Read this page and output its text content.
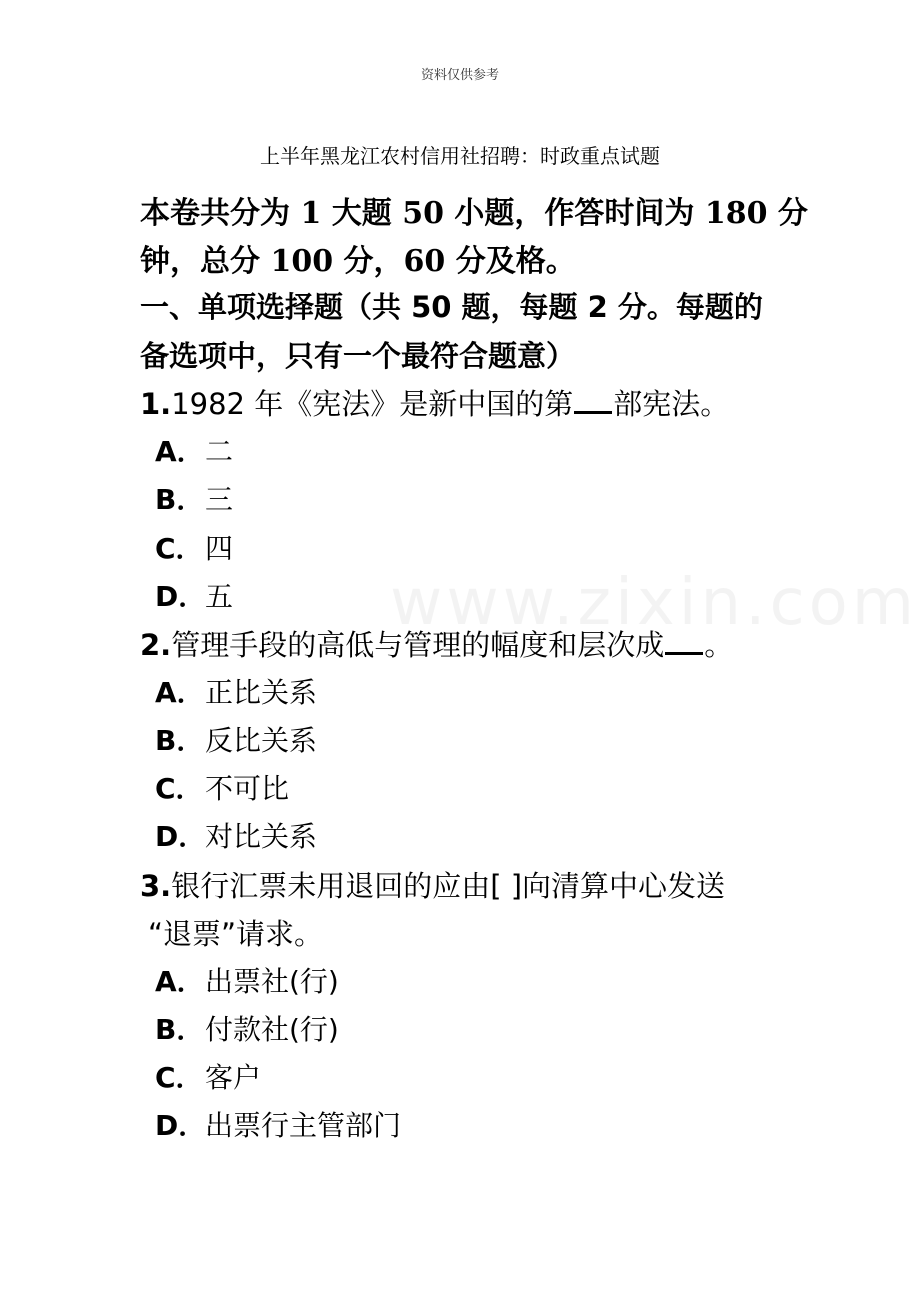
资料仅供参考
上半年黑龙江农村信用社招聘：时政重点试题
本卷共分为 1 大题 50 小题，作答时间为 180 分
钟，总分 100 分，60 分及格。
一、单项选择题（共 50 题，每题 2 分。每题的
备选项中，只有一个最符合题意）
1.1982 年《宪法》是新中国的第 部宪法。
A．二
B．三
C．四
D．五
2.管理手段的高低与管理的幅度和层次成 。
A．正比关系
B．反比关系
C．不可比
D．对比关系
3.银行汇票未用退回的应由[ ]向清算中心发送
“退票”请求。
A．出票社(行)
B．付款社(行)
C．客户
D．出票行主管部门
